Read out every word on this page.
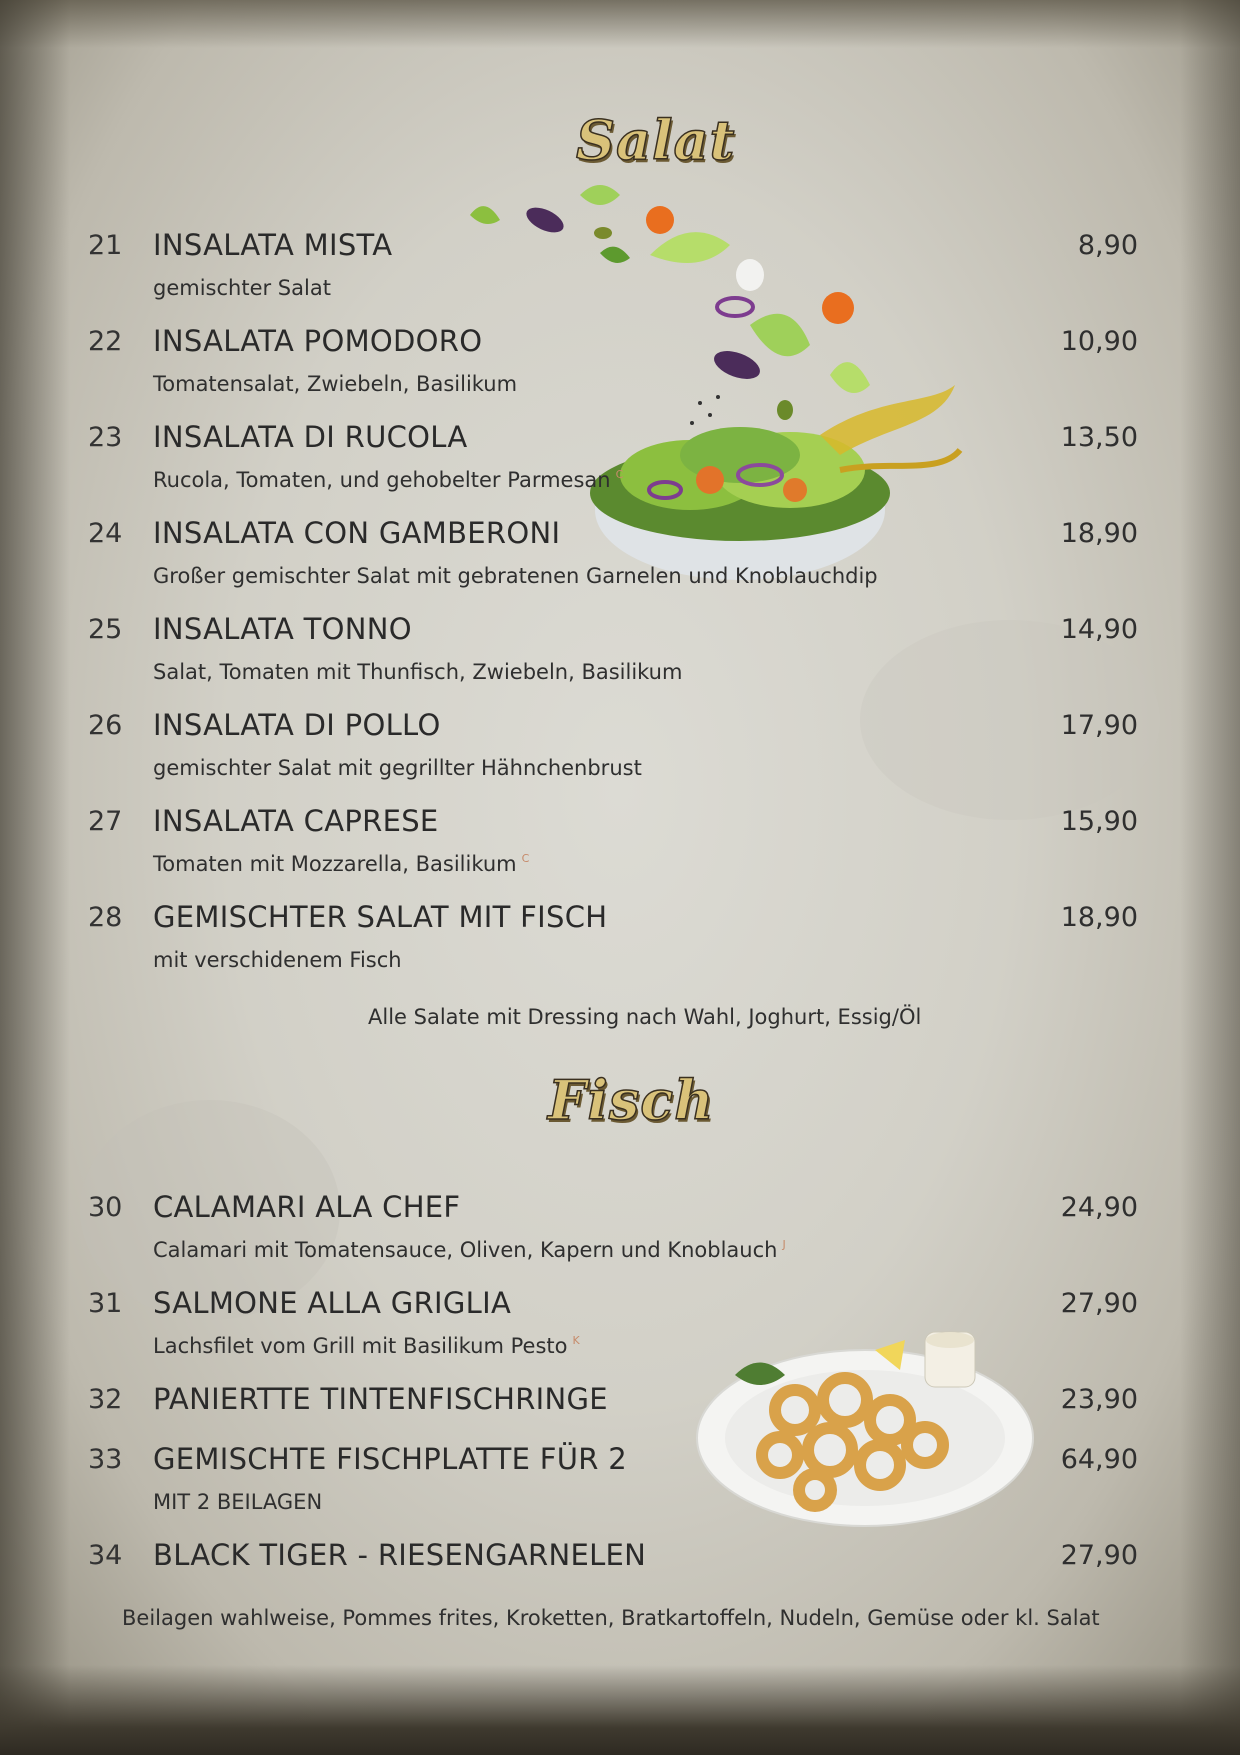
Salat
21 INSALATA MISTA	8,90
gemischter Salat
22 INSALATA POMODORO	10,90
Tomatensalat, Zwiebeln, Basilikum
23 INSALATA DI RUCOLA	13,50
Rucola, Tomaten, und gehobelter Parmesan $^C$
24 INSALATA CON GAMBERONI	18,90
Großer gemischter Salat mit gebratenen Garnelen und Knoblauchdip
25 INSALATA TONNO	14,90
Salat, Tomaten mit Thunfisch, Zwiebeln, Basilikum
26 INSALATA DI POLLO	17,90
gemischter Salat mit gegrillter Hähnchenbrust
27 INSALATA CAPRESE	15,90
Tomaten mit Mozzarella, Basilikum $^C$
28 GEMISCHTER SALAT MIT FISCH	18,90
mit verschidenem Fisch
Alle Salate mit Dressing nach Wahl, Joghurt, Essig/Öl
Fisch
30 CALAMARI ALA CHEF	24,90
Calamari mit Tomatensauce, Oliven, Kapern und Knoblauch $^J$
31 SALMONE ALLA GRIGLIA	27,90
Lachsfilet vom Grill mit Basilikum Pesto $^K$
32 PANIERTTE TINTENFISCHRINGE	23,90
33 GEMISCHTE FISCHPLATTE FÜR 2	64,90
MIT 2 BEILAGEN
34 BLACK TIGER - RIESENGARNELEN	27,90
Beilagen wahlweise, Pommes frites, Kroketten, Bratkartoffeln, Nudeln, Gemüse oder kl. Salat
